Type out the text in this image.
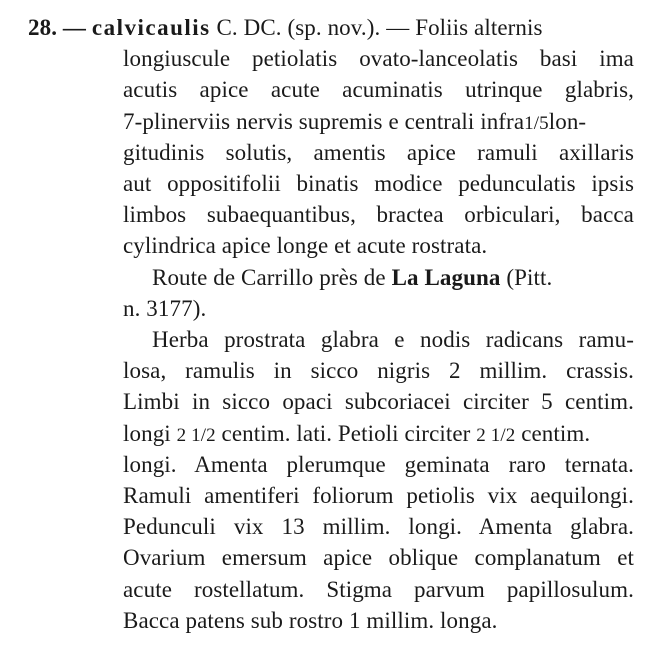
28. — calvicaulis C. DC. (sp. nov.). — Foliis alternis
longiuscule petiolatis ovato-lanceolatis basi ima
acutis apice acute acuminatis utrinque glabris,
7-plinerviis nervis supremis e centrali infra1/5lon-
gitudinis solutis, amentis apice ramuli axillaris
aut oppositifolii binatis modice pedunculatis ipsis
limbos subaequantibus, bractea orbiculari, bacca
cylindrica apice longe et acute rostrata.
Route de Carrillo près de La Laguna (Pitt.
n. 3177).
Herba prostrata glabra e nodis radicans ramu-
losa, ramulis in sicco nigris 2 millim. crassis.
Limbi in sicco opaci subcoriacei circiter 5 centim.
longi 2 1/2 centim. lati. Petioli circiter 2 1/2 centim.
longi. Amenta plerumque geminata raro ternata.
Ramuli amentiferi foliorum petiolis vix aequilongi.
Pedunculi vix 13 millim. longi. Amenta glabra.
Ovarium emersum apice oblique complanatum et
acute rostellatum. Stigma parvum papillosulum.
Bacca patens sub rostro 1 millim. longa.
